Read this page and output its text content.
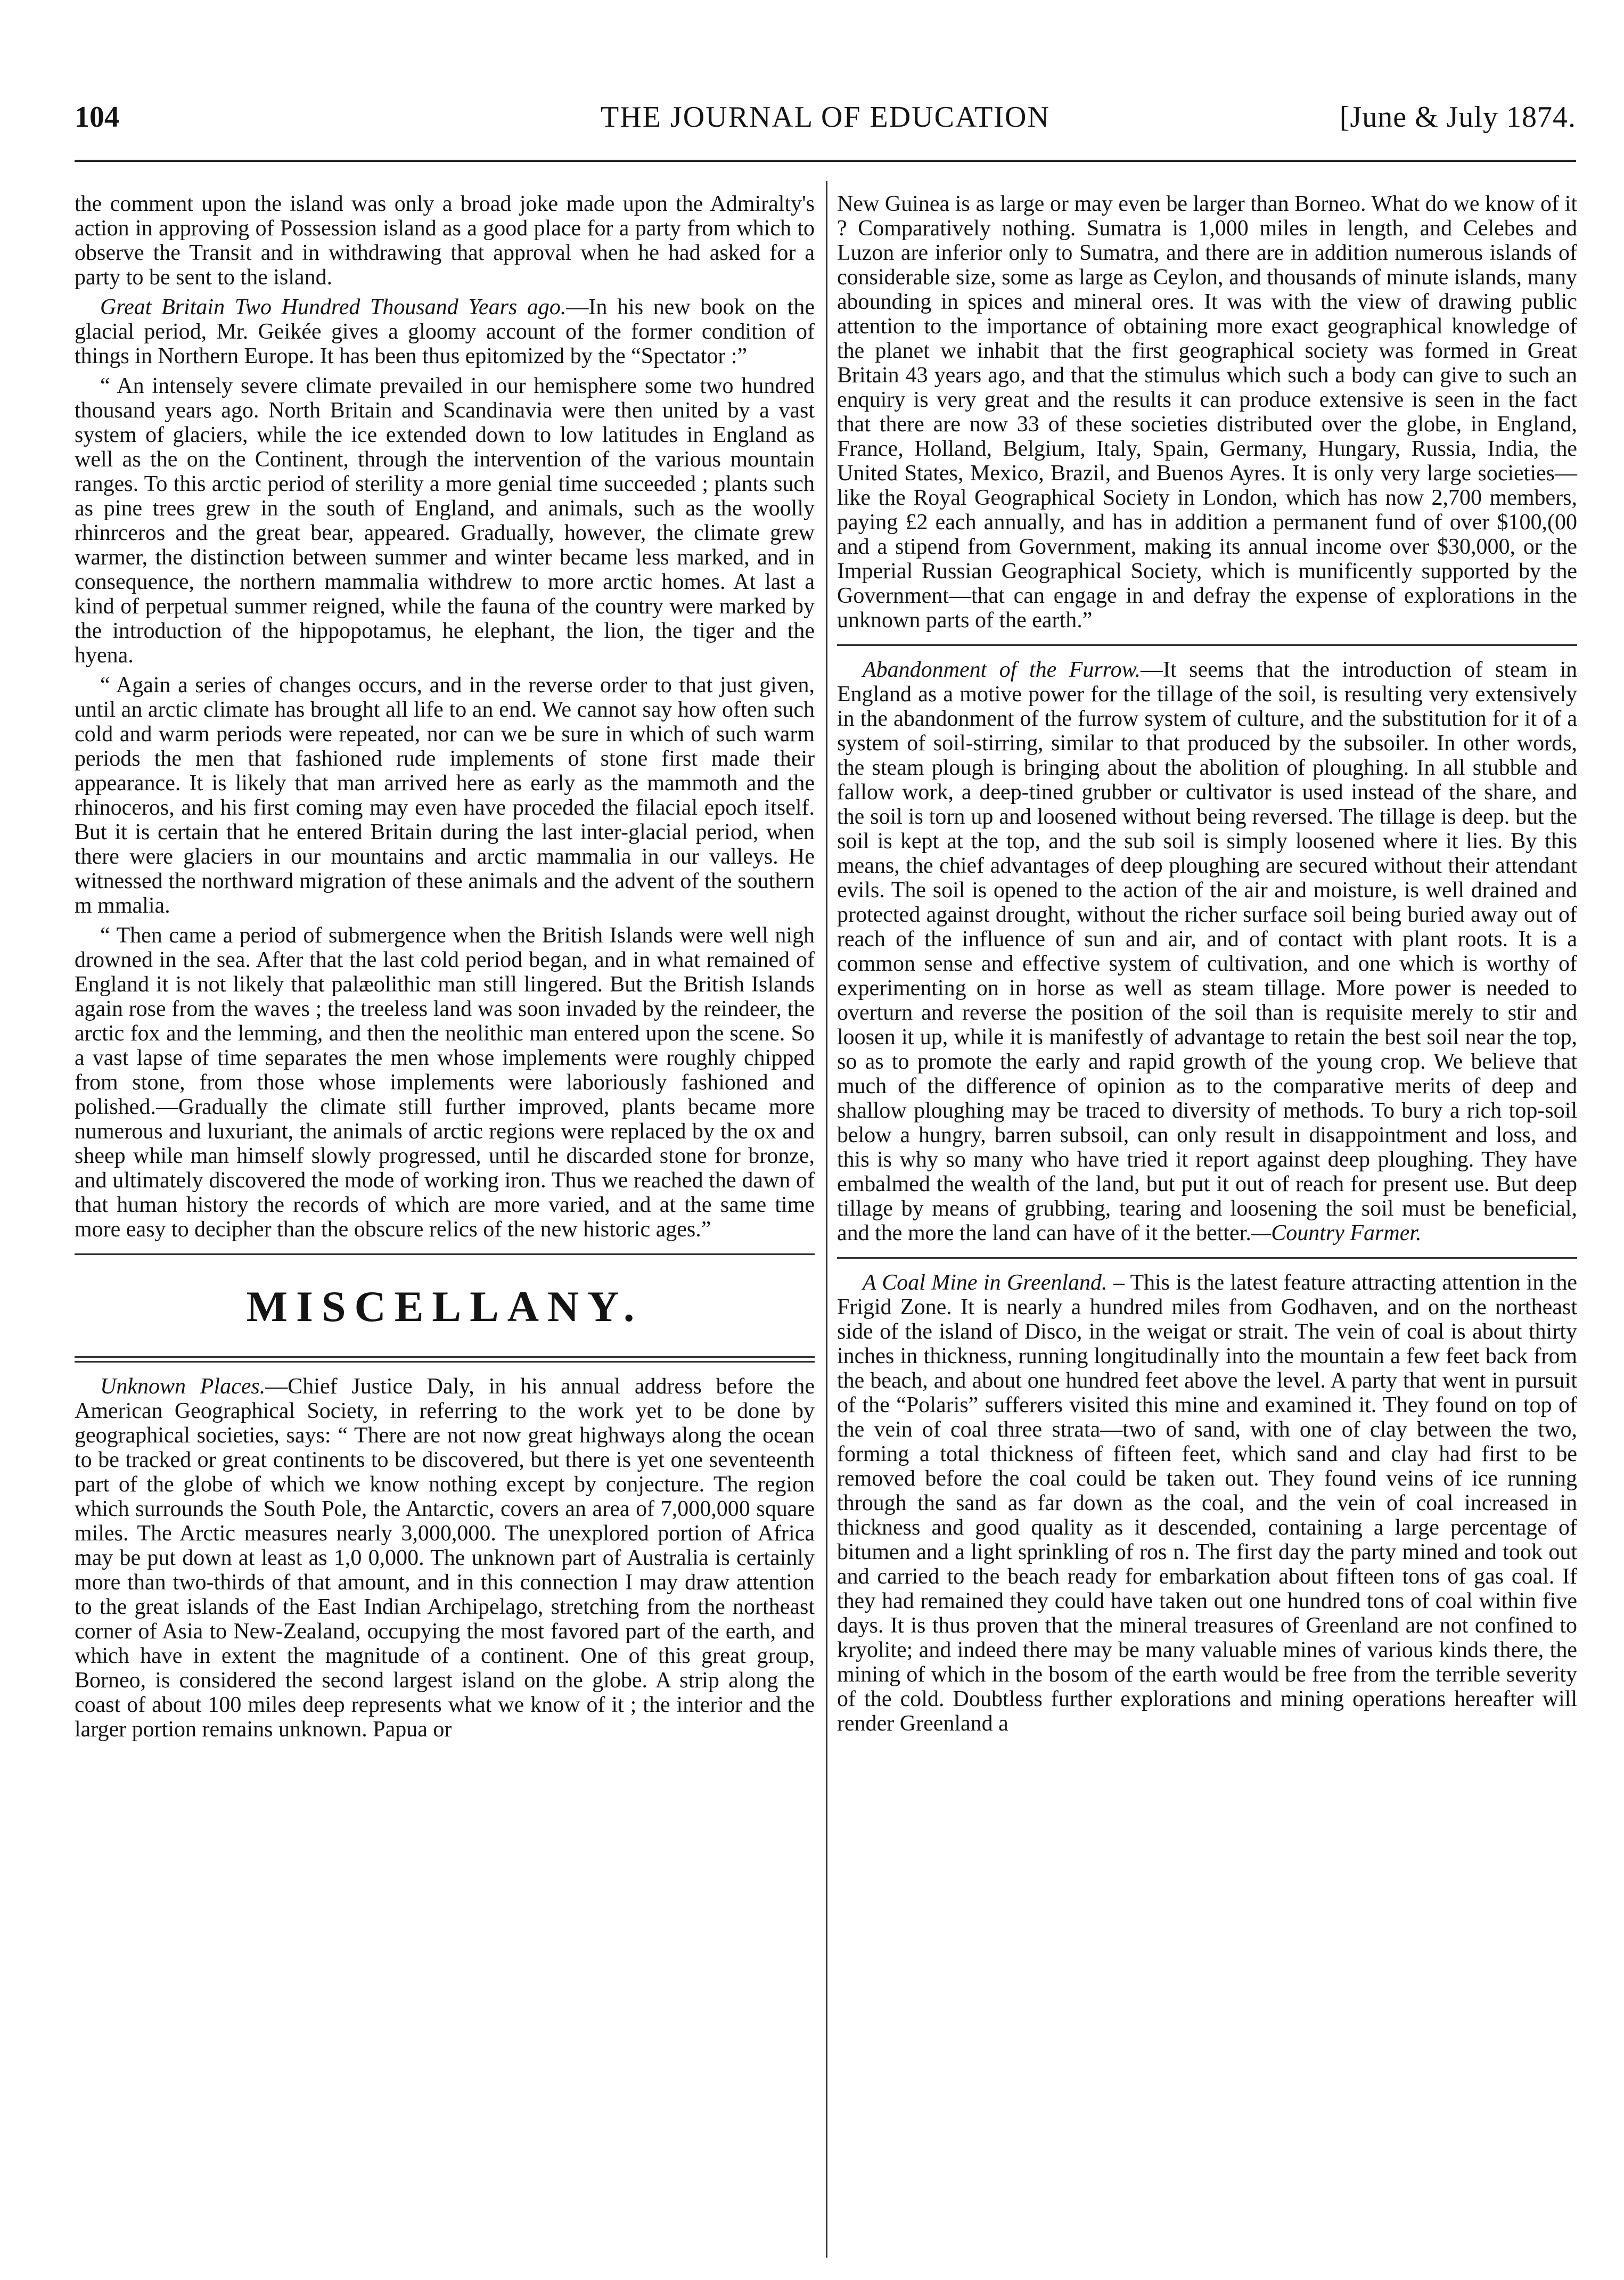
104	THE JOURNAL OF EDUCATION	[June & July 1874.

the comment upon the island was only a broad joke made upon the Admiralty's action in approving of Possession island as a good place for a party from which to observe the Transit and in withdrawing that approval when he had asked for a party to be sent to the island.

Great Britain Two Hundred Thousand Years ago.—In his new book on the glacial period, Mr. Geikée gives a gloomy account of the former condition of things in Northern Europe. It has been thus epitomized by the “Spectator :”

“ An intensely severe climate prevailed in our hemisphere some two hundred thousand years ago. North Britain and Scandinavia were then united by a vast system of glaciers, while the ice extended down to low latitudes in England as well as the on the Continent, through the intervention of the various mountain ranges. To this arctic period of sterility a more genial time succeeded ; plants such as pine trees grew in the south of England, and animals, such as the woolly rhinrceros and the great bear, appeared. Gradually, however, the climate grew warmer, the distinction between summer and winter became less marked, and in consequence, the northern mammalia withdrew to more arctic homes. At last a kind of perpetual summer reigned, while the fauna of the country were marked by the introduction of the hippopotamus, he elephant, the lion, the tiger and the hyena.

“ Again a series of changes occurs, and in the reverse order to that just given, until an arctic climate has brought all life to an end. We cannot say how often such cold and warm periods were repeated, nor can we be sure in which of such warm periods the men that fashioned rude implements of stone first made their appearance. It is likely that man arrived here as early as the mammoth and the rhinoceros, and his first coming may even have proceded the filacial epoch itself. But it is certain that he entered Britain during the last inter-glacial period, when there were glaciers in our mountains and arctic mammalia in our valleys. He witnessed the northward migration of these animals and the advent of the southern m mmalia.

“ Then came a period of submergence when the British Islands were well nigh drowned in the sea. After that the last cold period began, and in what remained of England it is not likely that palæolithic man still lingered. But the British Islands again rose from the waves ; the treeless land was soon invaded by the reindeer, the arctic fox and the lemming, and then the neolithic man entered upon the scene. So a vast lapse of time separates the men whose implements were roughly chipped from stone, from those whose implements were laboriously fashioned and polished.—Gradually the climate still further improved, plants became more numerous and luxuriant, the animals of arctic regions were replaced by the ox and sheep while man himself slowly progressed, until he discarded stone for bronze, and ultimately discovered the mode of working iron. Thus we reached the dawn of that human history the records of which are more varied, and at the same time more easy to decipher than the obscure relics of the new historic ages.”

MISCELLANY.

Unknown Places.—Chief Justice Daly, in his annual address before the American Geographical Society, in referring to the work yet to be done by geographical societies, says: “ There are not now great highways along the ocean to be tracked or great continents to be discovered, but there is yet one seventeenth part of the globe of which we know nothing except by conjecture. The region which surrounds the South Pole, the Antarctic, covers an area of 7,000,000 square miles. The Arctic measures nearly 3,000,000. The unexplored portion of Africa may be put down at least as 1,0 0,000. The unknown part of Australia is certainly more than two-thirds of that amount, and in this connection I may draw attention to the great islands of the East Indian Archipelago, stretching from the northeast corner of Asia to New-Zealand, occupying the most favored part of the earth, and which have in extent the magnitude of a continent. One of this great group, Borneo, is considered the second largest island on the globe. A strip along the coast of about 100 miles deep represents what we know of it ; the interior and the larger portion remains unknown. Papua or

New Guinea is as large or may even be larger than Borneo. What do we know of it ? Comparatively nothing. Sumatra is 1,000 miles in length, and Celebes and Luzon are inferior only to Sumatra, and there are in addition numerous islands of considerable size, some as large as Ceylon, and thousands of minute islands, many abounding in spices and mineral ores. It was with the view of drawing public attention to the importance of obtaining more exact geographical knowledge of the planet we inhabit that the first geographical society was formed in Great Britain 43 years ago, and that the stimulus which such a body can give to such an enquiry is very great and the results it can produce extensive is seen in the fact that there are now 33 of these societies distributed over the globe, in England, France, Holland, Belgium, Italy, Spain, Germany, Hungary, Russia, India, the United States, Mexico, Brazil, and Buenos Ayres. It is only very large societies—like the Royal Geographical Society in London, which has now 2,700 members, paying £2 each annually, and has in addition a permanent fund of over $100,(00 and a stipend from Government, making its annual income over $30,000, or the Imperial Russian Geographical Society, which is munificently supported by the Government—that can engage in and defray the expense of explorations in the unknown parts of the earth.”

Abandonment of the Furrow.—It seems that the introduction of steam in England as a motive power for the tillage of the soil, is resulting very extensively in the abandonment of the furrow system of culture, and the substitution for it of a system of soil-stirring, similar to that produced by the subsoiler. In other words, the steam plough is bringing about the abolition of ploughing. In all stubble and fallow work, a deep-tined grubber or cultivator is used instead of the share, and the soil is torn up and loosened without being reversed. The tillage is deep. but the soil is kept at the top, and the sub soil is simply loosened where it lies. By this means, the chief advantages of deep ploughing are secured without their attendant evils. The soil is opened to the action of the air and moisture, is well drained and protected against drought, without the richer surface soil being buried away out of reach of the influence of sun and air, and of contact with plant roots. It is a common sense and effective system of cultivation, and one which is worthy of experimenting on in horse as well as steam tillage. More power is needed to overturn and reverse the position of the soil than is requisite merely to stir and loosen it up, while it is manifestly of advantage to retain the best soil near the top, so as to promote the early and rapid growth of the young crop. We believe that much of the difference of opinion as to the comparative merits of deep and shallow ploughing may be traced to diversity of methods. To bury a rich top-soil below a hungry, barren subsoil, can only result in disappointment and loss, and this is why so many who have tried it report against deep ploughing. They have embalmed the wealth of the land, but put it out of reach for present use. But deep tillage by means of grubbing, tearing and loosening the soil must be beneficial, and the more the land can have of it the better.—Country Farmer.

A Coal Mine in Greenland. – This is the latest feature attracting attention in the Frigid Zone. It is nearly a hundred miles from Godhaven, and on the northeast side of the island of Disco, in the weigat or strait. The vein of coal is about thirty inches in thickness, running longitudinally into the mountain a few feet back from the beach, and about one hundred feet above the level. A party that went in pursuit of the “Polaris” sufferers visited this mine and examined it. They found on top of the vein of coal three strata—two of sand, with one of clay between the two, forming a total thickness of fifteen feet, which sand and clay had first to be removed before the coal could be taken out. They found veins of ice running through the sand as far down as the coal, and the vein of coal increased in thickness and good quality as it descended, containing a large percentage of bitumen and a light sprinkling of ros n. The first day the party mined and took out and carried to the beach ready for embarkation about fifteen tons of gas coal. If they had remained they could have taken out one hundred tons of coal within five days. It is thus proven that the mineral treasures of Greenland are not confined to kryolite; and indeed there may be many valuable mines of various kinds there, the mining of which in the bosom of the earth would be free from the terrible severity of the cold. Doubtless further explorations and mining operations hereafter will render Greenland a
